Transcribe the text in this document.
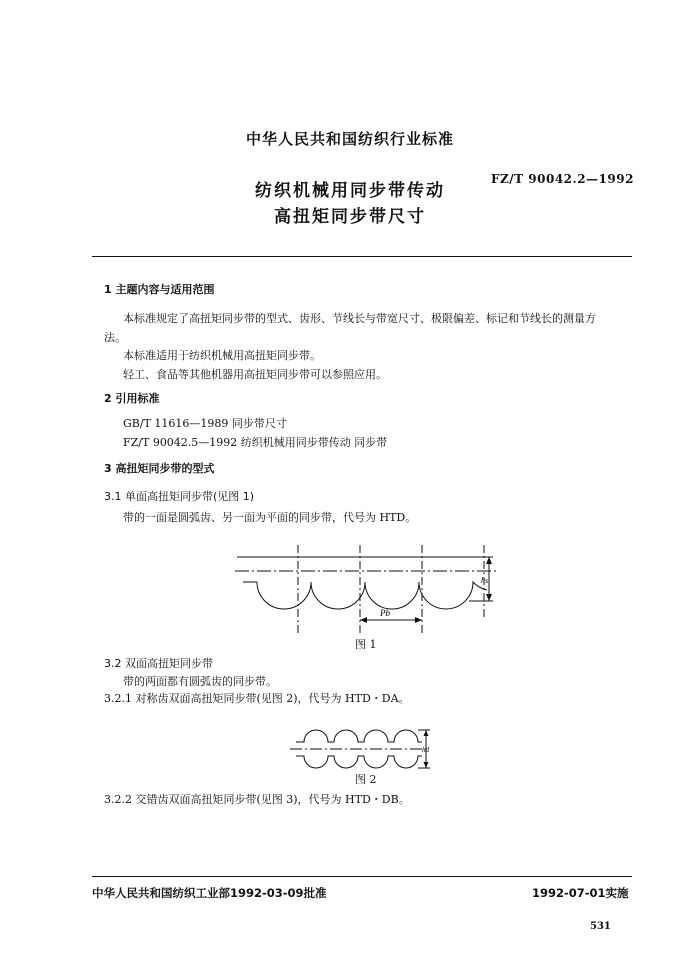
中华人民共和国纺织行业标准
FZ/T 90042.2—1992
纺织机械用同步带传动
高扭矩同步带尺寸
1 主题内容与适用范围
本标准规定了高扭矩同步带的型式、齿形、节线长与带宽尺寸、极限偏差、标记和节线长的测量方
法。
本标准适用于纺织机械用高扭矩同步带。
轻工、食品等其他机器用高扭矩同步带可以参照应用。
2 引用标准
GB/T 11616—1989 同步带尺寸
FZ/T 90042.5—1992 纺织机械用同步带传动 同步带
3 高扭矩同步带的型式
3.1 单面高扭矩同步带(见图 1)
带的一面是圆弧齿、另一面为平面的同步带，代号为 HTD。
Pb
hs
图 1
3.2 双面高扭矩同步带
带的两面都有圆弧齿的同步带。
3.2.1 对称齿双面高扭矩同步带(见图 2)，代号为 HTD・DA。
hd
图 2
3.2.2 交错齿双面高扭矩同步带(见图 3)，代号为 HTD・DB。
中华人民共和国纺织工业部1992-03-09批准	1992-07-01实施
531
